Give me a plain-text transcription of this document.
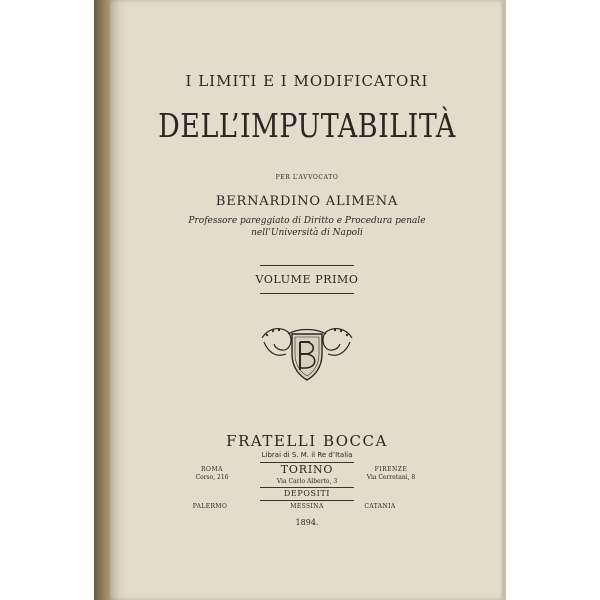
I LIMITI E I MODIFICATORI
DELL’IMPUTABILITÀ
PER L’AVVOCATO
BERNARDINO ALIMENA
Professore pareggiato di Diritto e Procedura penale
nell’Università di Napoli
VOLUME PRIMO
FRATELLI BOCCA
Librai di S. M. il Re d’Italia
ROMA
Corso, 216
TORINO
Via Carlo Alberto, 3
FIRENZE
Via Cerretani, 8
DEPOSITI
PALERMO	MESSINA	CATANIA
1894.
